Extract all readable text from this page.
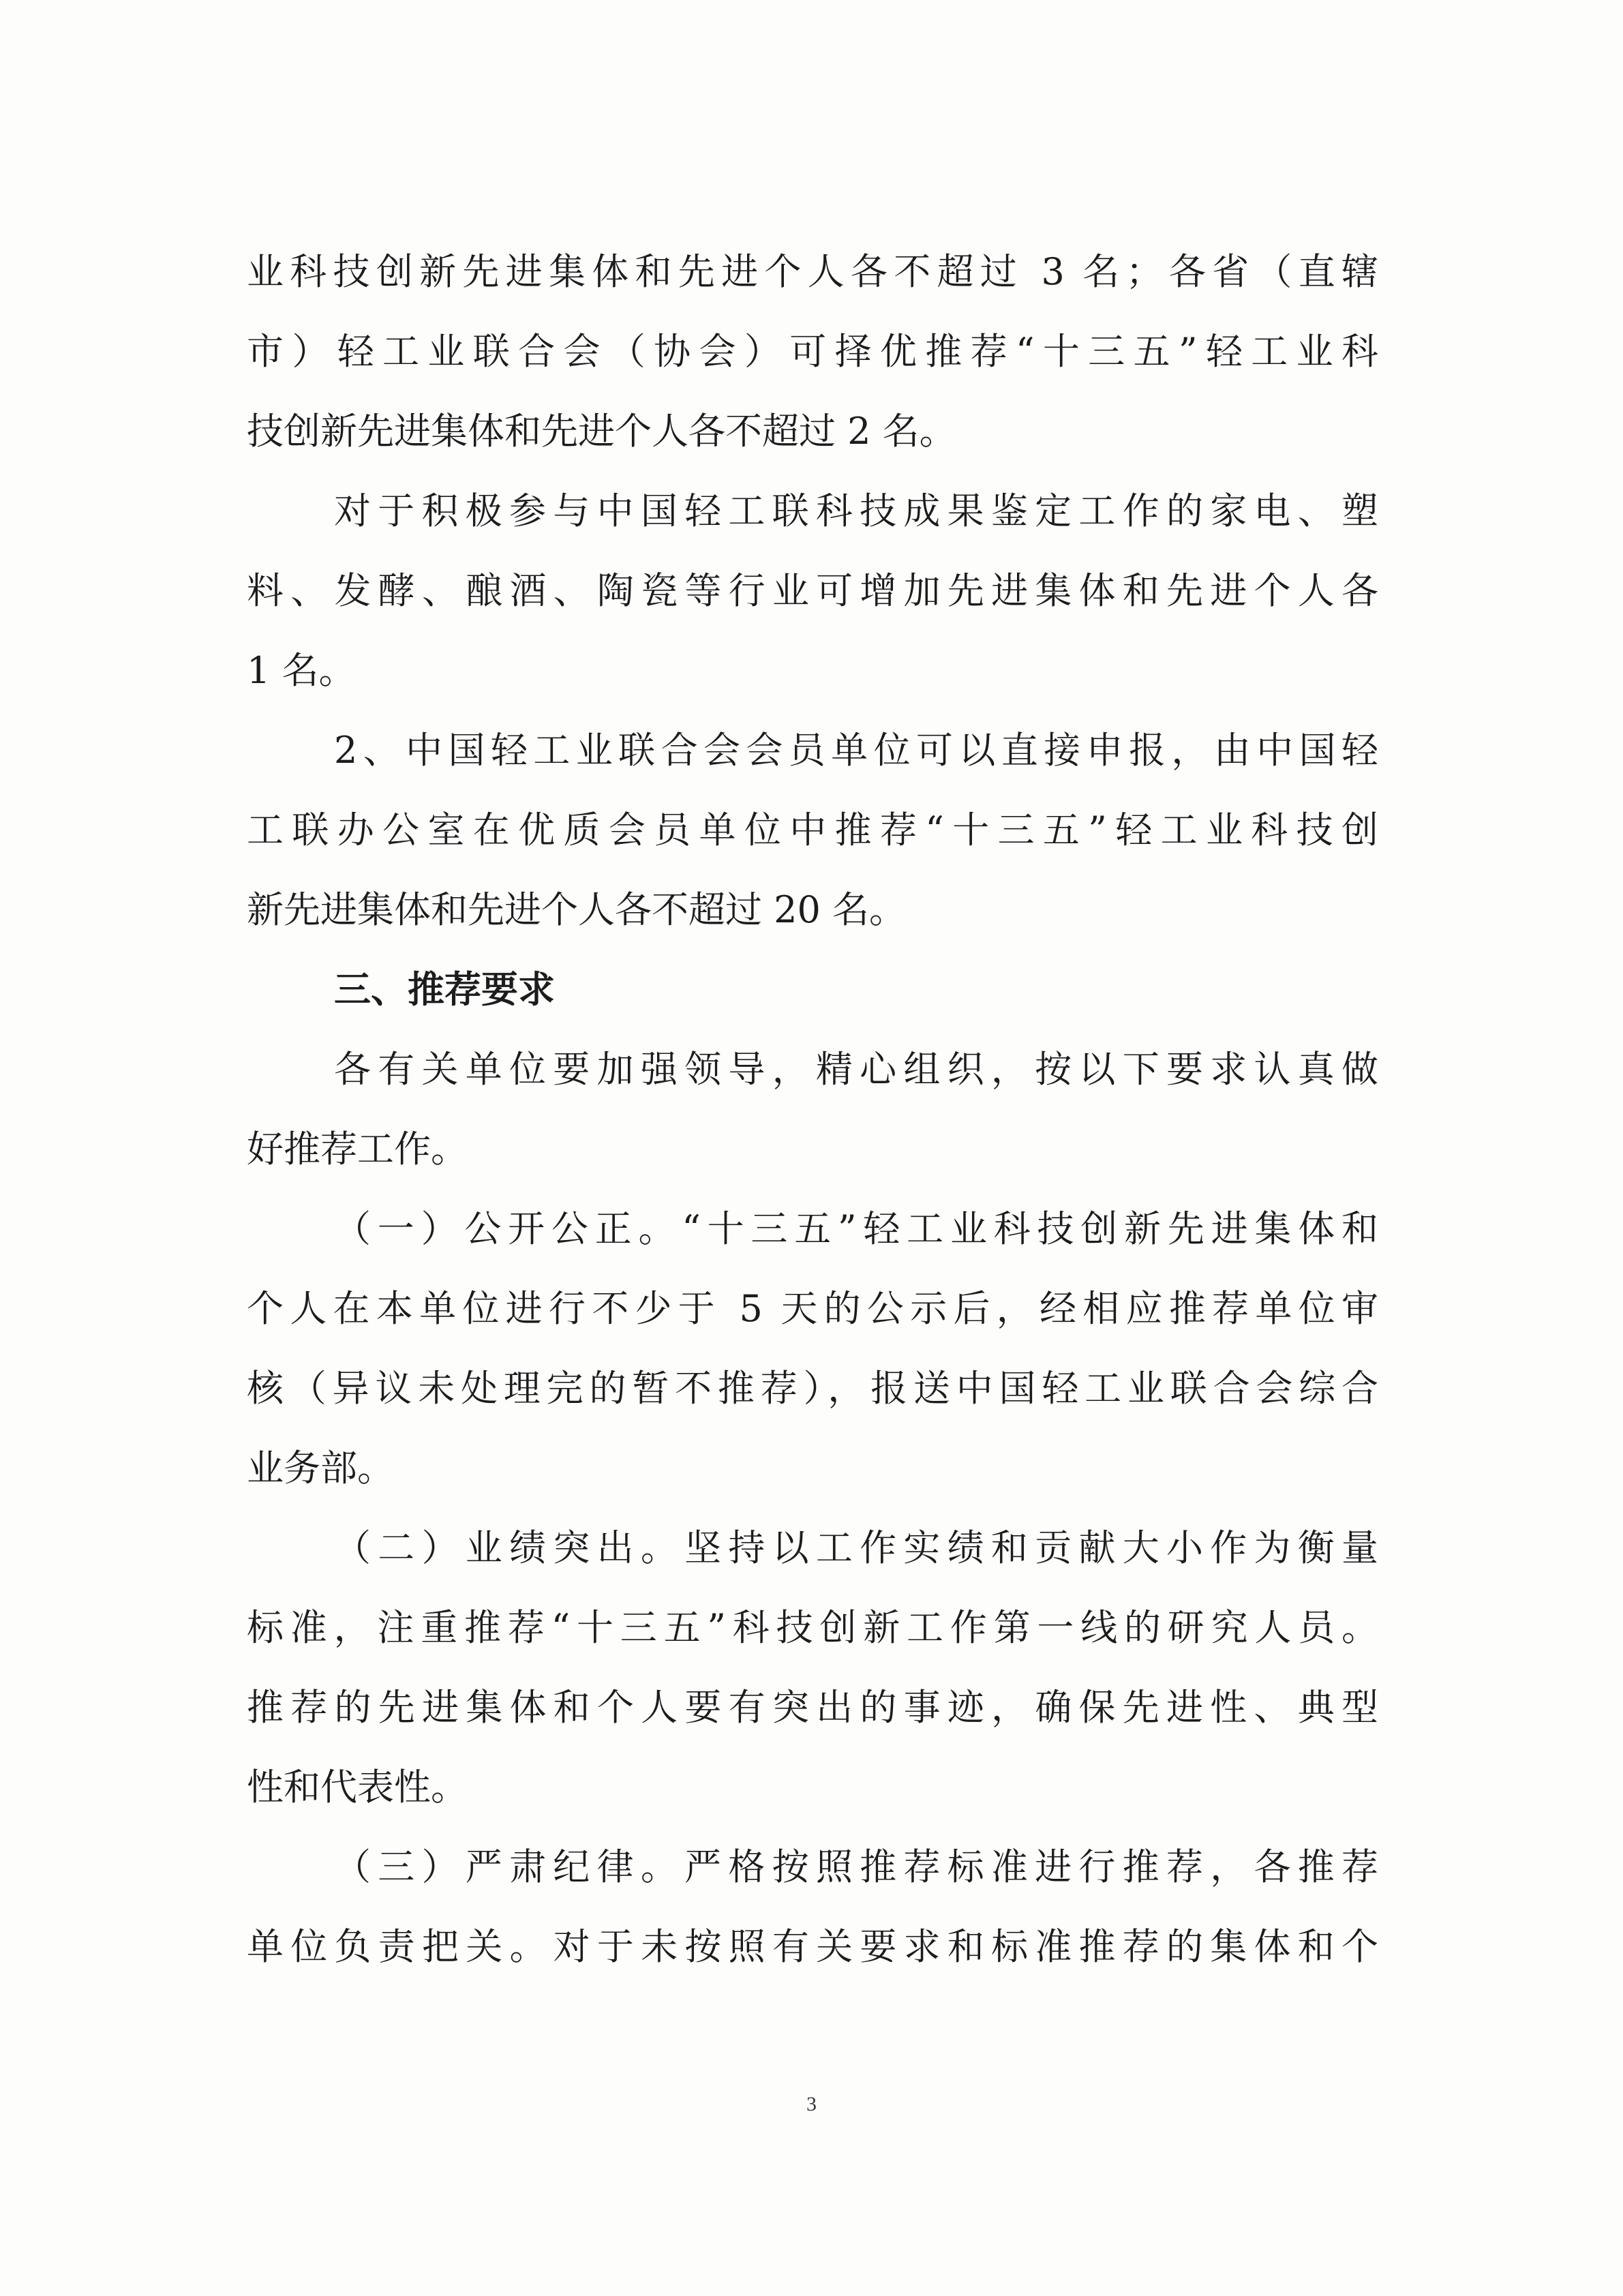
业科技创新先进集体和先进个人各不超过 3 名；各省（直辖
市）轻工业联合会（协会）可择优推荐“十三五”轻工业科
技创新先进集体和先进个人各不超过 2 名。
对于积极参与中国轻工联科技成果鉴定工作的家电、塑
料、发酵、酿酒、陶瓷等行业可增加先进集体和先进个人各
1 名。
2、中国轻工业联合会会员单位可以直接申报，由中国轻
工联办公室在优质会员单位中推荐“十三五”轻工业科技创
新先进集体和先进个人各不超过 20 名。
三、推荐要求
各有关单位要加强领导，精心组织，按以下要求认真做
好推荐工作。
（一）公开公正。“十三五”轻工业科技创新先进集体和
个人在本单位进行不少于 5 天的公示后，经相应推荐单位审
核（异议未处理完的暂不推荐），报送中国轻工业联合会综合
业务部。
（二）业绩突出。坚持以工作实绩和贡献大小作为衡量
标准，注重推荐“十三五”科技创新工作第一线的研究人员。
推荐的先进集体和个人要有突出的事迹，确保先进性、典型
性和代表性。
（三）严肃纪律。严格按照推荐标准进行推荐，各推荐
单位负责把关。对于未按照有关要求和标准推荐的集体和个
3
